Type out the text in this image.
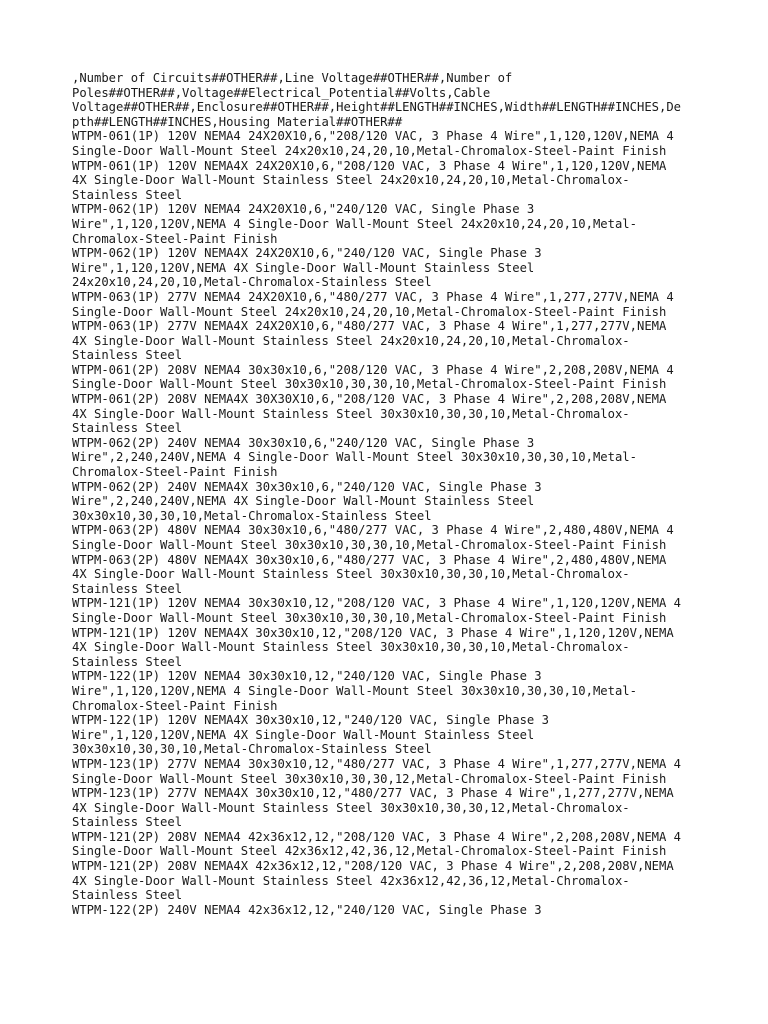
,Number of Circuits##OTHER##,Line Voltage##OTHER##,Number of
Poles##OTHER##,Voltage##Electrical_Potential##Volts,Cable
Voltage##OTHER##,Enclosure##OTHER##,Height##LENGTH##INCHES,Width##LENGTH##INCHES,De
pth##LENGTH##INCHES,Housing Material##OTHER##
WTPM-061(1P) 120V NEMA4 24X20X10,6,"208/120 VAC, 3 Phase 4 Wire",1,120,120V,NEMA 4
Single-Door Wall-Mount Steel 24x20x10,24,20,10,Metal-Chromalox-Steel-Paint Finish
WTPM-061(1P) 120V NEMA4X 24X20X10,6,"208/120 VAC, 3 Phase 4 Wire",1,120,120V,NEMA
4X Single-Door Wall-Mount Stainless Steel 24x20x10,24,20,10,Metal-Chromalox-
Stainless Steel
WTPM-062(1P) 120V NEMA4 24X20X10,6,"240/120 VAC, Single Phase 3
Wire",1,120,120V,NEMA 4 Single-Door Wall-Mount Steel 24x20x10,24,20,10,Metal-
Chromalox-Steel-Paint Finish
WTPM-062(1P) 120V NEMA4X 24X20X10,6,"240/120 VAC, Single Phase 3
Wire",1,120,120V,NEMA 4X Single-Door Wall-Mount Stainless Steel
24x20x10,24,20,10,Metal-Chromalox-Stainless Steel
WTPM-063(1P) 277V NEMA4 24X20X10,6,"480/277 VAC, 3 Phase 4 Wire",1,277,277V,NEMA 4
Single-Door Wall-Mount Steel 24x20x10,24,20,10,Metal-Chromalox-Steel-Paint Finish
WTPM-063(1P) 277V NEMA4X 24X20X10,6,"480/277 VAC, 3 Phase 4 Wire",1,277,277V,NEMA
4X Single-Door Wall-Mount Stainless Steel 24x20x10,24,20,10,Metal-Chromalox-
Stainless Steel
WTPM-061(2P) 208V NEMA4 30x30x10,6,"208/120 VAC, 3 Phase 4 Wire",2,208,208V,NEMA 4
Single-Door Wall-Mount Steel 30x30x10,30,30,10,Metal-Chromalox-Steel-Paint Finish
WTPM-061(2P) 208V NEMA4X 30X30X10,6,"208/120 VAC, 3 Phase 4 Wire",2,208,208V,NEMA
4X Single-Door Wall-Mount Stainless Steel 30x30x10,30,30,10,Metal-Chromalox-
Stainless Steel
WTPM-062(2P) 240V NEMA4 30x30x10,6,"240/120 VAC, Single Phase 3
Wire",2,240,240V,NEMA 4 Single-Door Wall-Mount Steel 30x30x10,30,30,10,Metal-
Chromalox-Steel-Paint Finish
WTPM-062(2P) 240V NEMA4X 30x30x10,6,"240/120 VAC, Single Phase 3
Wire",2,240,240V,NEMA 4X Single-Door Wall-Mount Stainless Steel
30x30x10,30,30,10,Metal-Chromalox-Stainless Steel
WTPM-063(2P) 480V NEMA4 30x30x10,6,"480/277 VAC, 3 Phase 4 Wire",2,480,480V,NEMA 4
Single-Door Wall-Mount Steel 30x30x10,30,30,10,Metal-Chromalox-Steel-Paint Finish
WTPM-063(2P) 480V NEMA4X 30x30x10,6,"480/277 VAC, 3 Phase 4 Wire",2,480,480V,NEMA
4X Single-Door Wall-Mount Stainless Steel 30x30x10,30,30,10,Metal-Chromalox-
Stainless Steel
WTPM-121(1P) 120V NEMA4 30x30x10,12,"208/120 VAC, 3 Phase 4 Wire",1,120,120V,NEMA 4
Single-Door Wall-Mount Steel 30x30x10,30,30,10,Metal-Chromalox-Steel-Paint Finish
WTPM-121(1P) 120V NEMA4X 30x30x10,12,"208/120 VAC, 3 Phase 4 Wire",1,120,120V,NEMA
4X Single-Door Wall-Mount Stainless Steel 30x30x10,30,30,10,Metal-Chromalox-
Stainless Steel
WTPM-122(1P) 120V NEMA4 30x30x10,12,"240/120 VAC, Single Phase 3
Wire",1,120,120V,NEMA 4 Single-Door Wall-Mount Steel 30x30x10,30,30,10,Metal-
Chromalox-Steel-Paint Finish
WTPM-122(1P) 120V NEMA4X 30x30x10,12,"240/120 VAC, Single Phase 3
Wire",1,120,120V,NEMA 4X Single-Door Wall-Mount Stainless Steel
30x30x10,30,30,10,Metal-Chromalox-Stainless Steel
WTPM-123(1P) 277V NEMA4 30x30x10,12,"480/277 VAC, 3 Phase 4 Wire",1,277,277V,NEMA 4
Single-Door Wall-Mount Steel 30x30x10,30,30,12,Metal-Chromalox-Steel-Paint Finish
WTPM-123(1P) 277V NEMA4X 30x30x10,12,"480/277 VAC, 3 Phase 4 Wire",1,277,277V,NEMA
4X Single-Door Wall-Mount Stainless Steel 30x30x10,30,30,12,Metal-Chromalox-
Stainless Steel
WTPM-121(2P) 208V NEMA4 42x36x12,12,"208/120 VAC, 3 Phase 4 Wire",2,208,208V,NEMA 4
Single-Door Wall-Mount Steel 42x36x12,42,36,12,Metal-Chromalox-Steel-Paint Finish
WTPM-121(2P) 208V NEMA4X 42x36x12,12,"208/120 VAC, 3 Phase 4 Wire",2,208,208V,NEMA
4X Single-Door Wall-Mount Stainless Steel 42x36x12,42,36,12,Metal-Chromalox-
Stainless Steel
WTPM-122(2P) 240V NEMA4 42x36x12,12,"240/120 VAC, Single Phase 3
